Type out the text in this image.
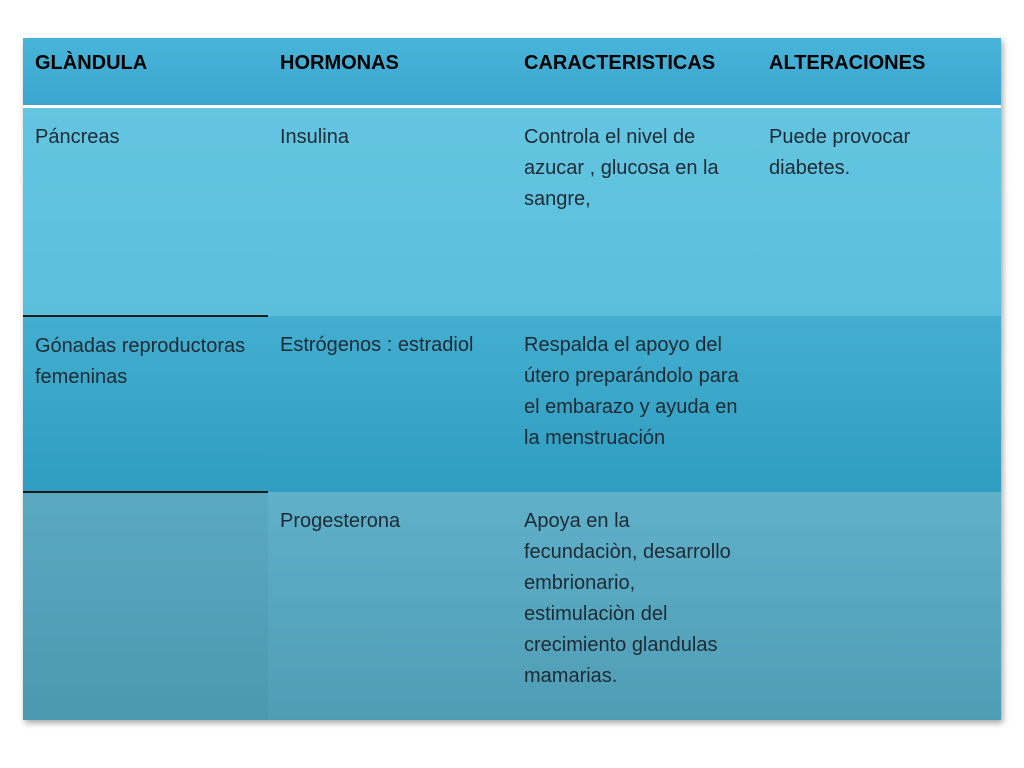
GLÀNDULA	HORMONAS	CARACTERISTICAS	ALTERACIONES

Páncreas	Insulina	Controla el nivel de azucar , glucosa en la sangre,	Puede provocar diabetes.

Gónadas reproductoras femeninas	Estrógenos : estradiol	Respalda el apoyo del útero preparándolo para el embarazo y ayuda en la menstruación	

	Progesterona	Apoya en la fecundaciòn, desarrollo embrionario, estimulaciòn del crecimiento glandulas mamarias.	
